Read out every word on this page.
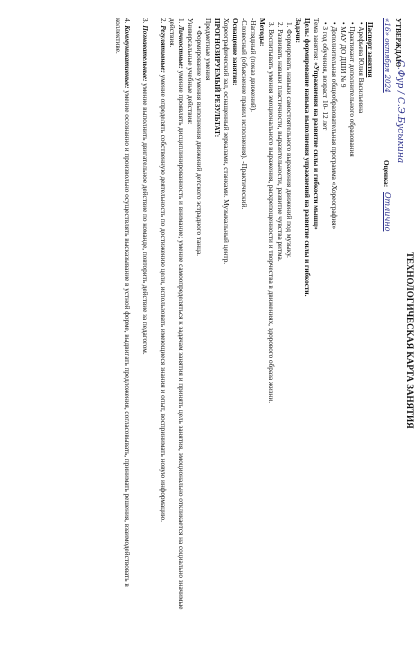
ТЕХНОЛОГИЧЕСКАЯ КАРТА ЗАНЯТИЯ
УТВЕРЖДАЮ
С.Фур / С.Э.Бусыкина
«16» октября 2024
Оценка:
Отлично
Паспорт занятия
• Арефьева Юлия Васильевна
• Практикант дополнительного образования
• МАУ ДО ДШИ № 9
• Дополнительная общеобразовательная программа «Хореография»
• 3 год обучения, возраст 10- 12 лет
Тема занятия: «Упражнения на развитие силы и гибкости мышц»
Цель: формирование навыка выполнения упражнений на развитие силы и гибкости.
Задачи:
1. Формировать навыки самостоятельного выражения движений под музыку.
2. Развивать навыки пластичности, выразительности, развитие чувства ритма.
3. Воспитывать умения эмоционального выражения, раскрепощенности и творчества в движениях, здорового образа жизни.
Методы:
-Наглядный (показ движений).
-Словесный (объяснение правил исполнения). -Практический.
Оснащение занятия:
Хореографический зал, оснащенный зеркалами, станками. Музыкальный центр.
ПРОГНОЗИРУЕМЫЙ РЕЗУЛЬТАТ:
Предметные умения
• Формирование умения выполнения движений детского эстрадного танца.
Универсальные учебные действия:
1. Личностные: умение проявлять дисциплинированность и внимание; умение самоопределяться к задачам занятия и принять цель занятия, эмоционально откликается на социально значимые действия.
2. Регулятивные: умение определять собственную деятельность по достижению цели, использовать имеющиеся знания и опыт, воспринимать новую информацию.
3. Познавательные: умение выполнить двигательное действие по команде, повторить действие за педагогом.
4. Коммуникативные: умение осознанно и произвольно осуществлять высказывание в устной форме, выдвигать предложения, согласовывать, принимать решения, взаимодействовать в коллективе.
